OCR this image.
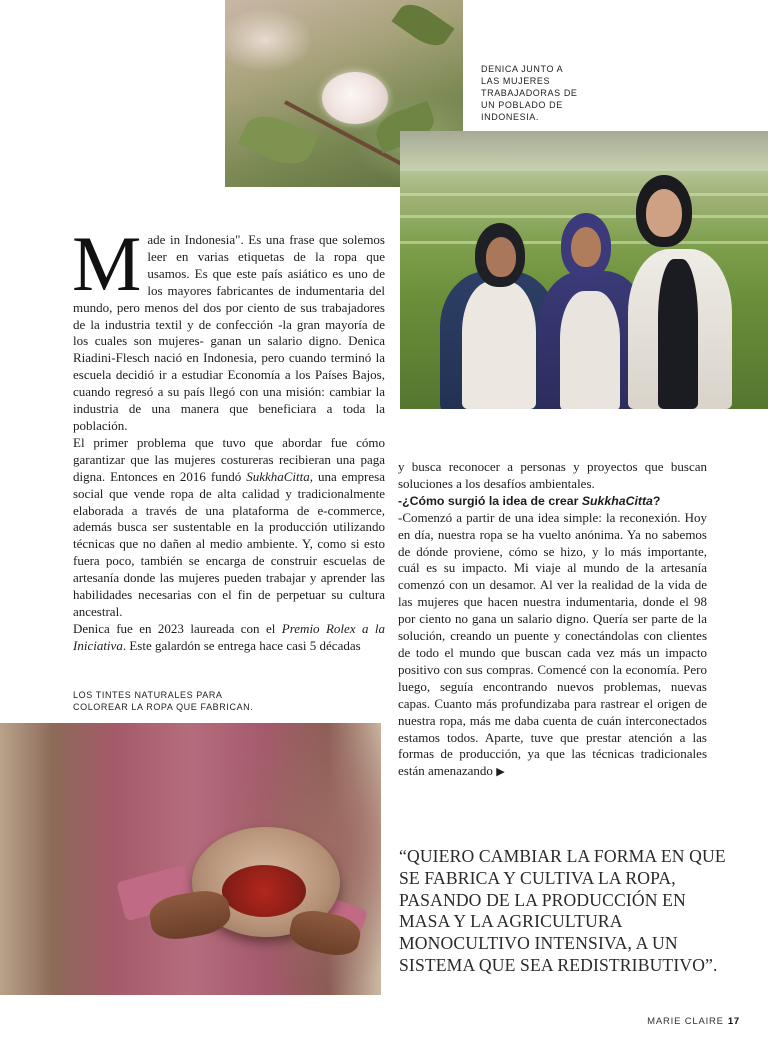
DENICA JUNTO A LAS MUJERES TRABAJADORAS DE UN POBLADO DE INDONESIA.

Made in Indonesia". Es una frase que solemos leer en varias etiquetas de la ropa que usamos. Es que este país asiático es uno de los mayores fabricantes de indumentaria del mundo, pero menos del dos por ciento de sus trabajadores de la industria textil y de confección -la gran mayoría de los cuales son mujeres- ganan un salario digno. Denica Riadini-Flesch nació en Indonesia, pero cuando terminó la escuela decidió ir a estudiar Economía a los Países Bajos, cuando regresó a su país llegó con una misión: cambiar la industria de una manera que beneficiara a toda la población.

El primer problema que tuvo que abordar fue cómo garantizar que las mujeres costureras recibieran una paga digna. Entonces en 2016 fundó SukkhaCitta, una empresa social que vende ropa de alta calidad y tradicionalmente elaborada a través de una plataforma de e-commerce, además busca ser sustentable en la producción utilizando técnicas que no dañen al medio ambiente. Y, como si esto fuera poco, también se encarga de construir escuelas de artesanía donde las mujeres pueden trabajar y aprender las habilidades necesarias con el fin de perpetuar su cultura ancestral.

Denica fue en 2023 laureada con el Premio Rolex a la Iniciativa. Este galardón se entrega hace casi 5 décadas

LOS TINTES NATURALES PARA COLOREAR LA ROPA QUE FABRICAN.

y busca reconocer a personas y proyectos que buscan soluciones a los desafíos ambientales.

-¿Cómo surgió la idea de crear SukkhaCitta?

-Comenzó a partir de una idea simple: la reconexión. Hoy en día, nuestra ropa se ha vuelto anónima. Ya no sabemos de dónde proviene, cómo se hizo, y lo más importante, cuál es su impacto. Mi viaje al mundo de la artesanía comenzó con un desamor. Al ver la realidad de la vida de las mujeres que hacen nuestra indumentaria, donde el 98 por ciento no gana un salario digno. Quería ser parte de la solución, creando un puente y conectándolas con clientes de todo el mundo que buscan cada vez más un impacto positivo con sus compras. Comencé con la economía. Pero luego, seguía encontrando nuevos problemas, nuevas capas. Cuanto más profundizaba para rastrear el origen de nuestra ropa, más me daba cuenta de cuán interconectados estamos todos. Aparte, tuve que prestar atención a las formas de producción, ya que las técnicas tradicionales están amenazando ▶

“QUIERO CAMBIAR LA FORMA EN QUE SE FABRICA Y CULTIVA LA ROPA, PASANDO DE LA PRODUCCIÓN EN MASA Y LA AGRICULTURA MONOCULTIVO INTENSIVA, A UN SISTEMA QUE SEA REDISTRIBUTIVO”.
MARIE CLAIRE 17
